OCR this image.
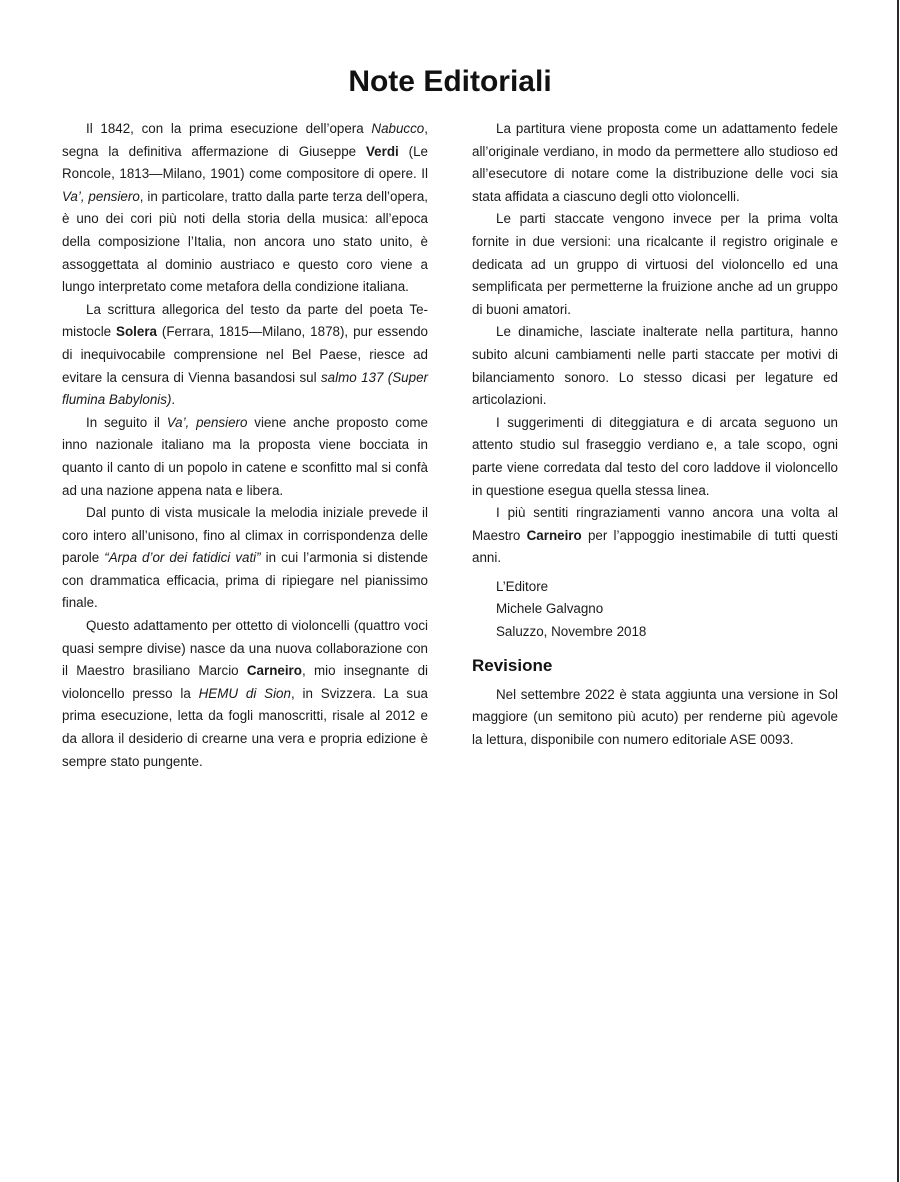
Note Editoriali

Il 1842, con la prima esecuzione dell’opera Nabucco, segna la definitiva affermazione di Giuseppe Verdi (Le Roncole, 1813—Milano, 1901) come compositore di opere. Il Va’, pensiero, in particolare, tratto dalla parte terza dell’opera, è uno dei cori più noti della storia della musica: all’epoca della composizione l’Italia, non ancora uno stato unito, è assoggettata al dominio austriaco e questo coro viene a lungo interpretato come metafora della condizione italiana.

La scrittura allegorica del testo da parte del poeta Temistocle Solera (Ferrara, 1815—Milano, 1878), pur essendo di inequivocabile comprensione nel Bel Paese, riesce ad evitare la censura di Vienna basandosi sul salmo 137 (Super flumina Babylonis).

In seguito il Va’, pensiero viene anche proposto come inno nazionale italiano ma la proposta viene bocciata in quanto il canto di un popolo in catene e sconfitto mal si confà ad una nazione appena nata e libera.

Dal punto di vista musicale la melodia iniziale prevede il coro intero all’unisono, fino al climax in corrispondenza delle parole “Arpa d’or dei fatidici vati” in cui l’armonia si distende con drammatica efficacia, prima di ripiegare nel pianissimo finale.

Questo adattamento per ottetto di violoncelli (quattro voci quasi sempre divise) nasce da una nuova collaborazione con il Maestro brasiliano Marcio Carneiro, mio insegnante di violoncello presso la HEMU di Sion, in Svizzera. La sua prima esecuzione, letta da fogli manoscritti, risale al 2012 e da allora il desiderio di crearne una vera e propria edizione è sempre stato pungente.

La partitura viene proposta come un adattamento fedele all’originale verdiano, in modo da permettere allo studioso ed all’esecutore di notare come la distribuzione delle voci sia stata affidata a ciascuno degli otto violoncelli.

Le parti staccate vengono invece per la prima volta fornite in due versioni: una ricalcante il registro originale e dedicata ad un gruppo di virtuosi del violoncello ed una semplificata per permetterne la fruizione anche ad un gruppo di buoni amatori.

Le dinamiche, lasciate inalterate nella partitura, hanno subito alcuni cambiamenti nelle parti staccate per motivi di bilanciamento sonoro. Lo stesso dicasi per legature ed articolazioni.

I suggerimenti di diteggiatura e di arcata seguono un attento studio sul fraseggio verdiano e, a tale scopo, ogni parte viene corredata dal testo del coro laddove il violoncello in questione esegua quella stessa linea.

I più sentiti ringraziamenti vanno ancora una volta al Maestro Carneiro per l’appoggio inestimabile di tutti questi anni.

L’Editore
Michele Galvagno
Saluzzo, Novembre 2018
Revisione

Nel settembre 2022 è stata aggiunta una versione in Sol maggiore (un semitono più acuto) per renderne più agevole la lettura, disponibile con numero editoriale ASE 0093.
